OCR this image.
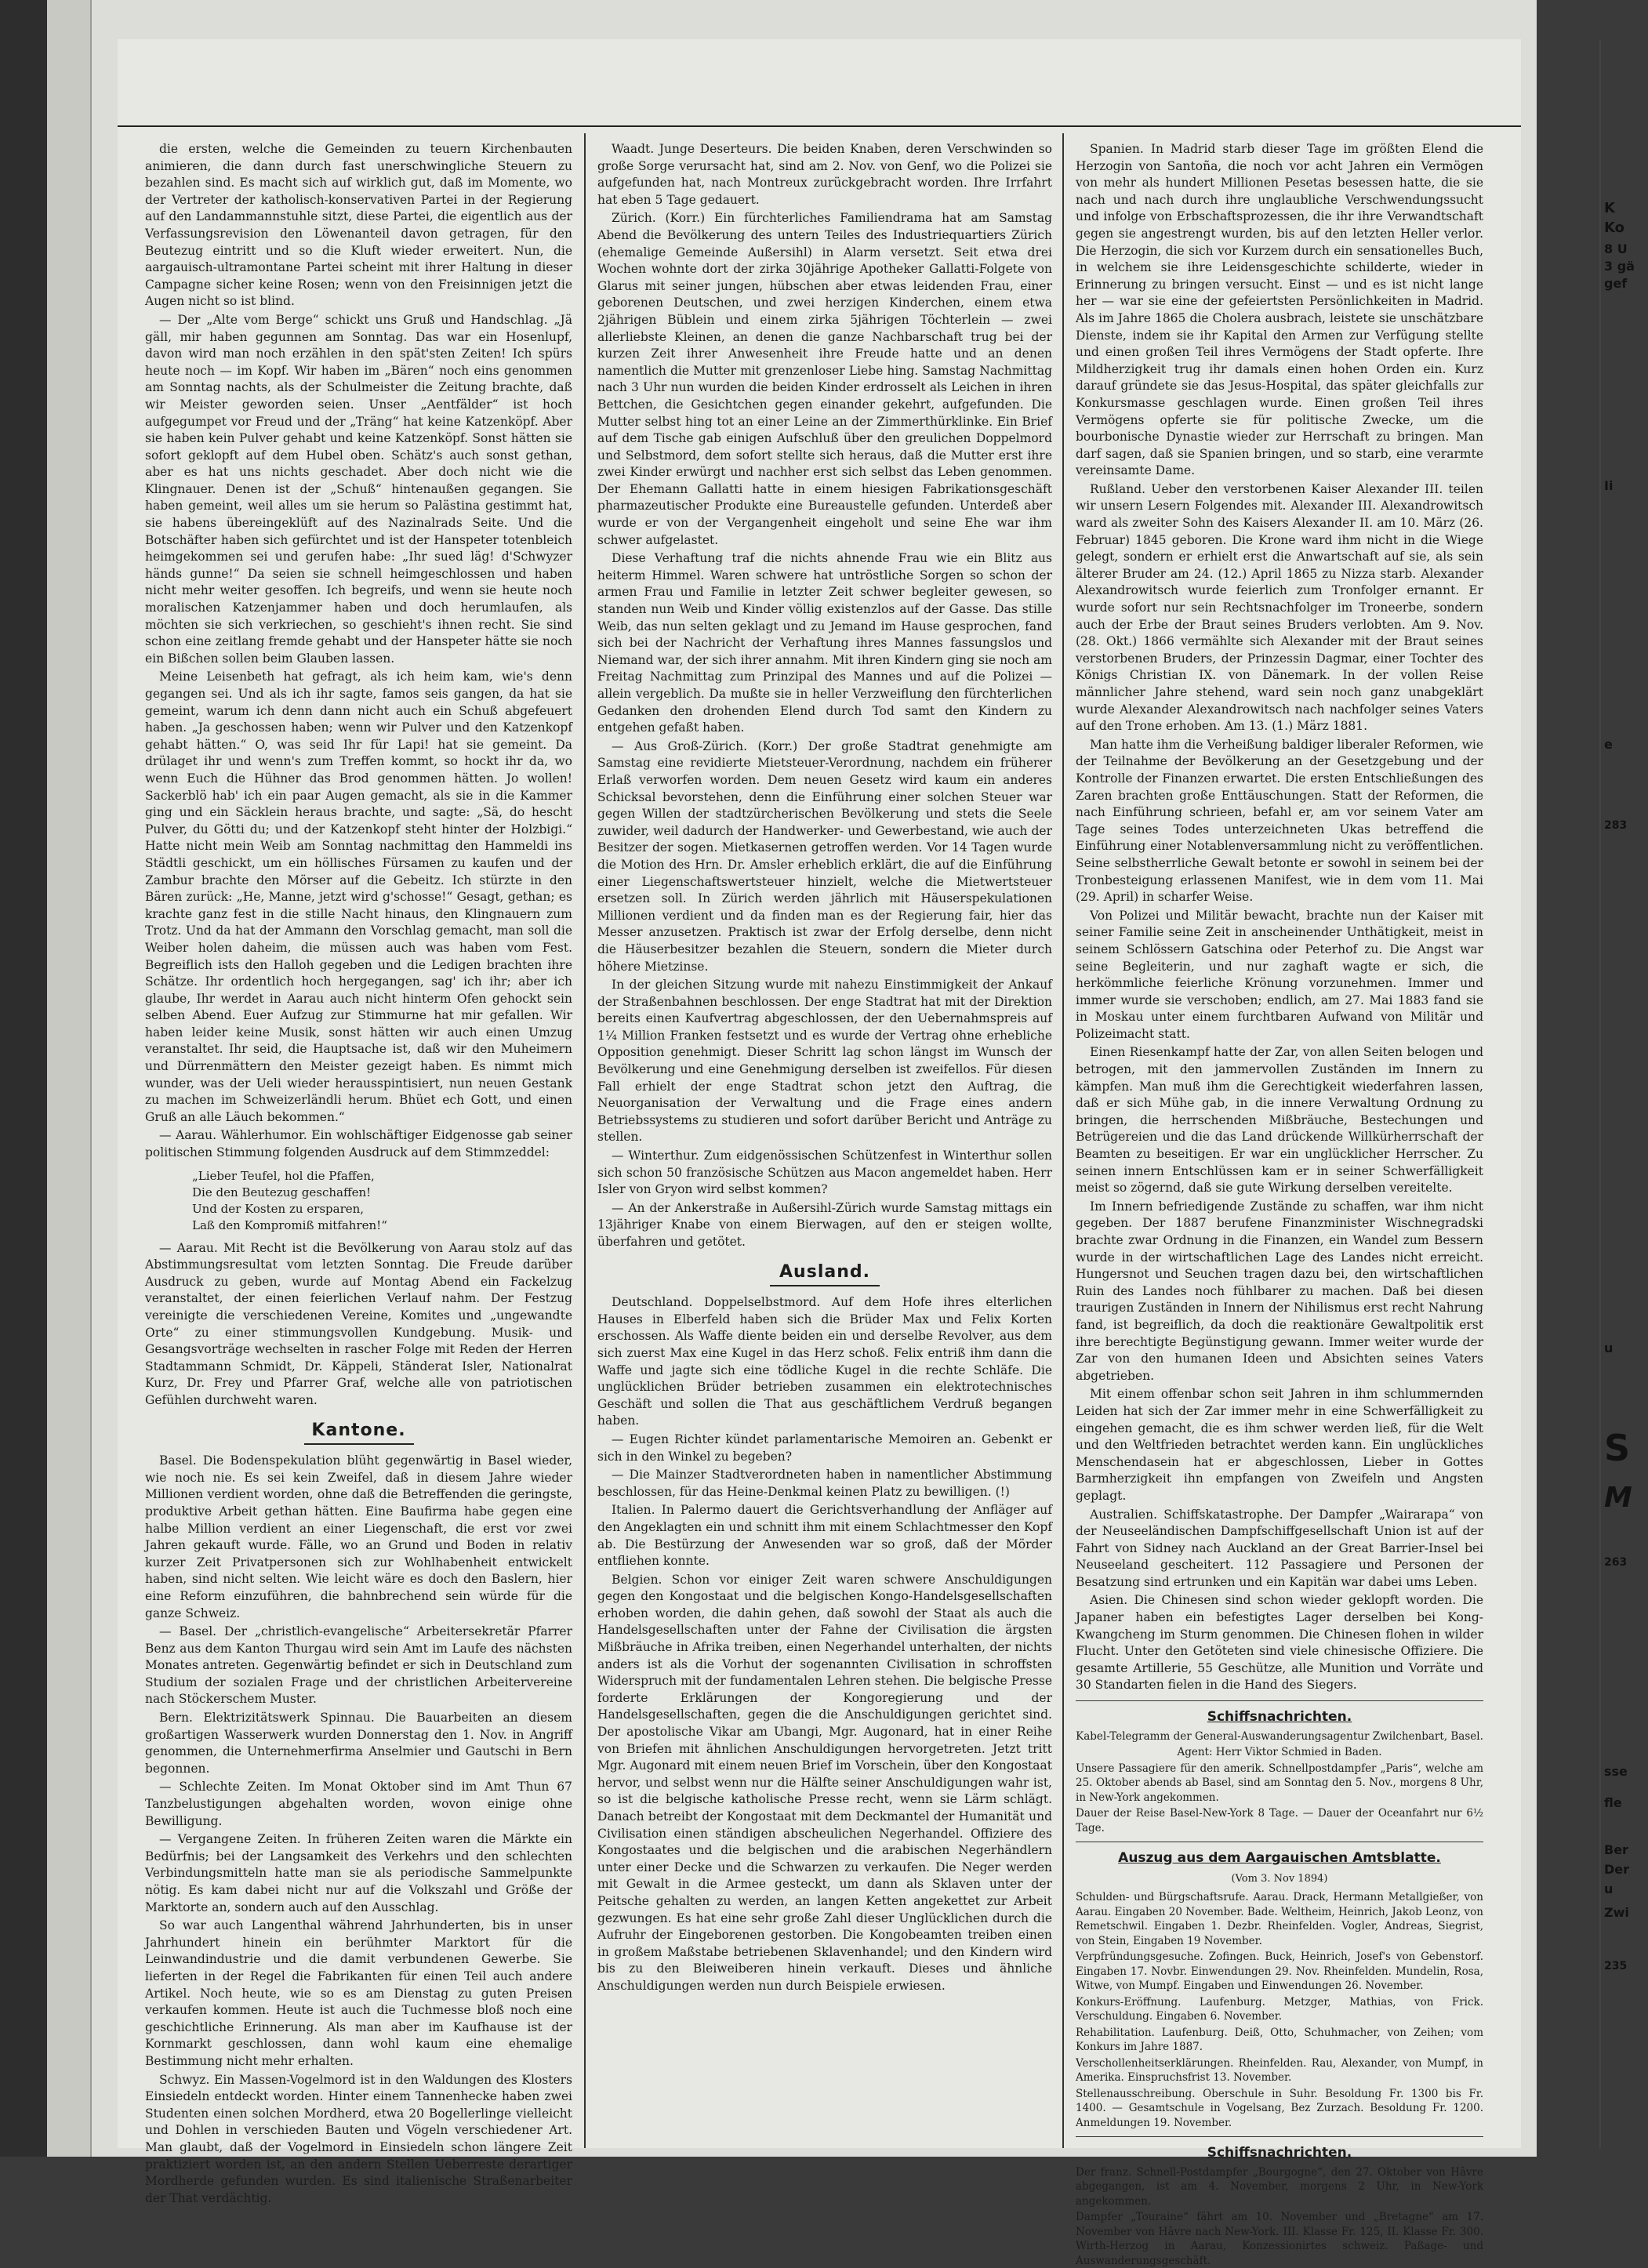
die ersten, welche die Gemeinden zu teuern Kirchenbauten animieren, die dann durch fast unerschwingliche Steuern zu bezahlen sind. Es macht sich auf wirklich gut, daß im Momente, wo der Vertreter der katholisch-konservativen Partei in der Regierung auf den Landammannstuhle sitzt, diese Partei, die eigentlich aus der Verfassungsrevision den Löwenanteil davon getragen, für den Beutezug eintritt und so die Kluft wieder erweitert. Nun, die aargauisch-ultramontane Partei scheint mit ihrer Haltung in dieser Campagne sicher keine Rosen; wenn von den Freisinnigen jetzt die Augen nicht so ist blind.

— Der „Alte vom Berge“ schickt uns Gruß und Handschlag. „Jä gäll, mir haben gegunnen am Sonntag. Das war ein Hosenlupf, davon wird man noch erzählen in den spät'sten Zeiten! Ich spürs heute noch — im Kopf. Wir haben im „Bären“ noch eins genommen am Sonntag nachts, als der Schulmeister die Zeitung brachte, daß wir Meister geworden seien. Unser „Aentfälder“ ist hoch aufgegumpet vor Freud und der „Träng“ hat keine Katzenköpf. Aber sie haben kein Pulver gehabt und keine Katzenköpf. Sonst hätten sie sofort geklopft auf dem Hubel oben. Schätz's auch sonst gethan, aber es hat uns nichts geschadet. Aber doch nicht wie die Klingnauer. Denen ist der „Schuß“ hintenaußen gegangen. Sie haben gemeint, weil alles um sie herum so Palästina gestimmt hat, sie habens übereingeklüft auf des Nazinalrads Seite. Und die Botschäfter haben sich gefürchtet und ist der Hanspeter totenbleich heimgekommen sei und gerufen habe: „Ihr sued läg! d'Schwyzer händs gunne!“ Da seien sie schnell heimgeschlossen und haben nicht mehr weiter gesoffen. Ich begreifs, und wenn sie heute noch moralischen Katzenjammer haben und doch herumlaufen, als möchten sie sich verkriechen, so geschieht's ihnen recht. Sie sind schon eine zeitlang fremde gehabt und der Hanspeter hätte sie noch ein Bißchen sollen beim Glauben lassen.

Meine Leisenbeth hat gefragt, als ich heim kam, wie's denn gegangen sei. Und als ich ihr sagte, famos seis gangen, da hat sie gemeint, warum ich denn dann nicht auch ein Schuß abgefeuert haben. „Ja geschossen haben; wenn wir Pulver und den Katzenkopf gehabt hätten.“ O, was seid Ihr für Lapi! hat sie gemeint. Da drülaget ihr und wenn's zum Treffen kommt, so hockt ihr da, wo wenn Euch die Hühner das Brod genommen hätten. Jo wollen! Sackerblö hab' ich ein paar Augen gemacht, als sie in die Kammer ging und ein Säcklein heraus brachte, und sagte: „Sä, do hescht Pulver, du Götti du; und der Katzenkopf steht hinter der Holzbigi.“ Hatte nicht mein Weib am Sonntag nachmittag den Hammeldi ins Städtli geschickt, um ein höllisches Fürsamen zu kaufen und der Zambur brachte den Mörser auf die Gebeitz. Ich stürzte in den Bären zurück: „He, Manne, jetzt wird g'schosse!“ Gesagt, gethan; es krachte ganz fest in die stille Nacht hinaus, den Klingnauern zum Trotz. Und da hat der Ammann den Vorschlag gemacht, man soll die Weiber holen daheim, die müssen auch was haben vom Fest. Begreiflich ists den Halloh gegeben und die Ledigen brachten ihre Schätze. Ihr ordentlich hoch hergegangen, sag' ich ihr; aber ich glaube, Ihr werdet in Aarau auch nicht hinterm Ofen gehockt sein selben Abend. Euer Aufzug zur Stimmurne hat mir gefallen. Wir haben leider keine Musik, sonst hätten wir auch einen Umzug veranstaltet. Ihr seid, die Hauptsache ist, daß wir den Muheimern und Dürrenmättern den Meister gezeigt haben. Es nimmt mich wunder, was der Ueli wieder herausspintisiert, nun neuen Gestank zu machen im Schweizerländli herum. Bhüet ech Gott, und einen Gruß an alle Läuch bekommen.“

— Aarau. Wählerhumor. Ein wohlschäftiger Eidgenosse gab seiner politischen Stimmung folgenden Ausdruck auf dem Stimmzeddel:

„Lieber Teufel, hol die Pfaffen,
Die den Beutezug geschaffen!
Und der Kosten zu ersparen,
Laß den Kompromiß mitfahren!“

— Aarau. Mit Recht ist die Bevölkerung von Aarau stolz auf das Abstimmungsresultat vom letzten Sonntag. Die Freude darüber Ausdruck zu geben, wurde auf Montag Abend ein Fackelzug veranstaltet, der einen feierlichen Verlauf nahm. Der Festzug vereinigte die verschiedenen Vereine, Komites und „ungewandte Orte“ zu einer stimmungsvollen Kundgebung. Musik- und Gesangsvorträge wechselten in rascher Folge mit Reden der Herren Stadtammann Schmidt, Dr. Käppeli, Ständerat Isler, Nationalrat Kurz, Dr. Frey und Pfarrer Graf, welche alle von patriotischen Gefühlen durchweht waren.

Kantone.

Basel. Die Bodenspekulation blüht gegenwärtig in Basel wieder, wie noch nie. Es sei kein Zweifel, daß in diesem Jahre wieder Millionen verdient worden, ohne daß die Betreffenden die geringste, produktive Arbeit gethan hätten. Eine Baufirma habe gegen eine halbe Million verdient an einer Liegenschaft, die erst vor zwei Jahren gekauft wurde. Fälle, wo an Grund und Boden in relativ kurzer Zeit Privatpersonen sich zur Wohlhabenheit entwickelt haben, sind nicht selten. Wie leicht wäre es doch den Baslern, hier eine Reform einzuführen, die bahnbrechend sein würde für die ganze Schweiz.

— Basel. Der „christlich-evangelische“ Arbeitersekretär Pfarrer Benz aus dem Kanton Thurgau wird sein Amt im Laufe des nächsten Monates antreten. Gegenwärtig befindet er sich in Deutschland zum Studium der sozialen Frage und der christlichen Arbeitervereine nach Stöckerschem Muster.

Bern. Elektrizitätswerk Spinnau. Die Bauarbeiten an diesem großartigen Wasserwerk wurden Donnerstag den 1. Nov. in Angriff genommen, die Unternehmerfirma Anselmier und Gautschi in Bern begonnen.

— Schlechte Zeiten. Im Monat Oktober sind im Amt Thun 67 Tanzbelustigungen abgehalten worden, wovon einige ohne Bewilligung.

— Vergangene Zeiten. In früheren Zeiten waren die Märkte ein Bedürfnis; bei der Langsamkeit des Verkehrs und den schlechten Verbindungsmitteln hatte man sie als periodische Sammelpunkte nötig. Es kam dabei nicht nur auf die Volkszahl und Größe der Marktorte an, sondern auch auf den Ausschlag.

So war auch Langenthal während Jahrhunderten, bis in unser Jahrhundert hinein ein berühmter Marktort für die Leinwandindustrie und die damit verbundenen Gewerbe. Sie lieferten in der Regel die Fabrikanten für einen Teil auch andere Artikel. Noch heute, wie so es am Dienstag zu guten Preisen verkaufen kommen. Heute ist auch die Tuchmesse bloß noch eine geschichtliche Erinnerung. Als man aber im Kaufhause ist der Kornmarkt geschlossen, dann wohl kaum eine ehemalige Bestimmung nicht mehr erhalten.

Schwyz. Ein Massen-Vogelmord ist in den Waldungen des Klosters Einsiedeln entdeckt worden. Hinter einem Tannenhecke haben zwei Studenten einen solchen Mordherd, etwa 20 Bogellerlinge vielleicht und Dohlen in verschieden Bauten und Vögeln verschiedener Art. Man glaubt, daß der Vogelmord in Einsiedeln schon längere Zeit praktiziert worden ist, an den andern Stellen Ueberreste derartiger Mordherde gefunden wurden. Es sind italienische Straßenarbeiter der That verdächtig.

Waadt. Junge Deserteurs. Die beiden Knaben, deren Verschwinden so große Sorge verursacht hat, sind am 2. Nov. von Genf, wo die Polizei sie aufgefunden hat, nach Montreux zurückgebracht worden. Ihre Irrfahrt hat eben 5 Tage gedauert.

Zürich. (Korr.) Ein fürchterliches Familiendrama hat am Samstag Abend die Bevölkerung des untern Teiles des Industriequartiers Zürich (ehemalige Gemeinde Außersihl) in Alarm versetzt. Seit etwa drei Wochen wohnte dort der zirka 30jährige Apotheker Gallatti-Folgete von Glarus mit seiner jungen, hübschen aber etwas leidenden Frau, einer geborenen Deutschen, und zwei herzigen Kinderchen, einem etwa 2jährigen Büblein und einem zirka 5jährigen Töchterlein — zwei allerliebste Kleinen, an denen die ganze Nachbarschaft trug bei der kurzen Zeit ihrer Anwesenheit ihre Freude hatte und an denen namentlich die Mutter mit grenzenloser Liebe hing. Samstag Nachmittag nach 3 Uhr nun wurden die beiden Kinder erdrosselt als Leichen in ihren Bettchen, die Gesichtchen gegen einander gekehrt, aufgefunden. Die Mutter selbst hing tot an einer Leine an der Zimmerthürklinke. Ein Brief auf dem Tische gab einigen Aufschluß über den greulichen Doppelmord und Selbstmord, dem sofort stellte sich heraus, daß die Mutter erst ihre zwei Kinder erwürgt und nachher erst sich selbst das Leben genommen. Der Ehemann Gallatti hatte in einem hiesigen Fabrikationsgeschäft pharmazeutischer Produkte eine Bureaustelle gefunden. Unterdeß aber wurde er von der Vergangenheit eingeholt und seine Ehe war ihm schwer aufgelastet.

Diese Verhaftung traf die nichts ahnende Frau wie ein Blitz aus heiterm Himmel. Waren schwere hat untröstliche Sorgen so schon der armen Frau und Familie in letzter Zeit schwer begleiter gewesen, so standen nun Weib und Kinder völlig existenzlos auf der Gasse. Das stille Weib, das nun selten geklagt und zu Jemand im Hause gesprochen, fand sich bei der Nachricht der Verhaftung ihres Mannes fassungslos und Niemand war, der sich ihrer annahm. Mit ihren Kindern ging sie noch am Freitag Nachmittag zum Prinzipal des Mannes und auf die Polizei — allein vergeblich. Da mußte sie in heller Verzweiflung den fürchterlichen Gedanken den drohenden Elend durch Tod samt den Kindern zu entgehen gefaßt haben.

— Aus Groß-Zürich. (Korr.) Der große Stadtrat genehmigte am Samstag eine revidierte Mietsteuer-Verordnung, nachdem ein früherer Erlaß verworfen worden. Dem neuen Gesetz wird kaum ein anderes Schicksal bevorstehen, denn die Einführung einer solchen Steuer war gegen Willen der stadtzürcherischen Bevölkerung und stets die Seele zuwider, weil dadurch der Handwerker- und Gewerbestand, wie auch der Besitzer der sogen. Mietkasernen getroffen werden. Vor 14 Tagen wurde die Motion des Hrn. Dr. Amsler erheblich erklärt, die auf die Einführung einer Liegenschaftswertsteuer hinzielt, welche die Mietwertsteuer ersetzen soll. In Zürich werden jährlich mit Häuserspekulationen Millionen verdient und da finden man es der Regierung fair, hier das Messer anzusetzen. Praktisch ist zwar der Erfolg derselbe, denn nicht die Häuserbesitzer bezahlen die Steuern, sondern die Mieter durch höhere Mietzinse.

In der gleichen Sitzung wurde mit nahezu Einstimmigkeit der Ankauf der Straßenbahnen beschlossen. Der enge Stadtrat hat mit der Direktion bereits einen Kaufvertrag abgeschlossen, der den Uebernahmspreis auf 1¼ Million Franken festsetzt und es wurde der Vertrag ohne erhebliche Opposition genehmigt. Dieser Schritt lag schon längst im Wunsch der Bevölkerung und eine Genehmigung derselben ist zweifellos. Für diesen Fall erhielt der enge Stadtrat schon jetzt den Auftrag, die Neuorganisation der Verwaltung und die Frage eines andern Betriebssystems zu studieren und sofort darüber Bericht und Anträge zu stellen.

— Winterthur. Zum eidgenössischen Schützenfest in Winterthur sollen sich schon 50 französische Schützen aus Macon angemeldet haben. Herr Isler von Gryon wird selbst kommen?

— An der Ankerstraße in Außersihl-Zürich wurde Samstag mittags ein 13jähriger Knabe von einem Bierwagen, auf den er steigen wollte, überfahren und getötet.

Ausland.

Deutschland. Doppelselbstmord. Auf dem Hofe ihres elterlichen Hauses in Elberfeld haben sich die Brüder Max und Felix Korten erschossen. Als Waffe diente beiden ein und derselbe Revolver, aus dem sich zuerst Max eine Kugel in das Herz schoß. Felix entriß ihm dann die Waffe und jagte sich eine tödliche Kugel in die rechte Schläfe. Die unglücklichen Brüder betrieben zusammen ein elektrotechnisches Geschäft und sollen die That aus geschäftlichem Verdruß begangen haben.

— Eugen Richter kündet parlamentarische Memoiren an. Gebenkt er sich in den Winkel zu begeben?

— Die Mainzer Stadtverordneten haben in namentlicher Abstimmung beschlossen, für das Heine-Denkmal keinen Platz zu bewilligen. (!)

Italien. In Palermo dauert die Gerichtsverhandlung der Anfläger auf den Angeklagten ein und schnitt ihm mit einem Schlachtmesser den Kopf ab. Die Bestürzung der Anwesenden war so groß, daß der Mörder entfliehen konnte.

Belgien. Schon vor einiger Zeit waren schwere Anschuldigungen gegen den Kongostaat und die belgischen Kongo-Handelsgesellschaften erhoben worden, die dahin gehen, daß sowohl der Staat als auch die Handelsgesellschaften unter der Fahne der Civilisation die ärgsten Mißbräuche in Afrika treiben, einen Negerhandel unterhalten, der nichts anders ist als die Vorhut der sogenannten Civilisation in schroffsten Widerspruch mit der fundamentalen Lehren stehen. Die belgische Presse forderte Erklärungen der Kongoregierung und der Handelsgesellschaften, gegen die die Anschuldigungen gerichtet sind. Der apostolische Vikar am Ubangi, Mgr. Augonard, hat in einer Reihe von Briefen mit ähnlichen Anschuldigungen hervorgetreten. Jetzt tritt Mgr. Augonard mit einem neuen Brief im Vorschein, über den Kongostaat hervor, und selbst wenn nur die Hälfte seiner Anschuldigungen wahr ist, so ist die belgische katholische Presse recht, wenn sie Lärm schlägt. Danach betreibt der Kongostaat mit dem Deckmantel der Humanität und Civilisation einen ständigen abscheulichen Negerhandel. Offiziere des Kongostaates und die belgischen und die arabischen Negerhändlern unter einer Decke und die Schwarzen zu verkaufen. Die Neger werden mit Gewalt in die Armee gesteckt, um dann als Sklaven unter der Peitsche gehalten zu werden, an langen Ketten angekettet zur Arbeit gezwungen. Es hat eine sehr große Zahl dieser Unglücklichen durch die Aufruhr der Eingeborenen gestorben. Die Kongobeamten treiben einen in großem Maßstabe betriebenen Sklavenhandel; und den Kindern wird bis zu den Bleiweiberen hinein verkauft. Dieses und ähnliche Anschuldigungen werden nun durch Beispiele erwiesen.

Spanien. In Madrid starb dieser Tage im größten Elend die Herzogin von Santoña, die noch vor acht Jahren ein Vermögen von mehr als hundert Millionen Pesetas besessen hatte, die sie nach und nach durch ihre unglaubliche Verschwendungssucht und infolge von Erbschaftsprozessen, die ihr ihre Verwandtschaft gegen sie angestrengt wurden, bis auf den letzten Heller verlor. Die Herzogin, die sich vor Kurzem durch ein sensationelles Buch, in welchem sie ihre Leidensgeschichte schilderte, wieder in Erinnerung zu bringen versucht. Einst — und es ist nicht lange her — war sie eine der gefeiertsten Persönlichkeiten in Madrid. Als im Jahre 1865 die Cholera ausbrach, leistete sie unschätzbare Dienste, indem sie ihr Kapital den Armen zur Verfügung stellte und einen großen Teil ihres Vermögens der Stadt opferte. Ihre Mildherzigkeit trug ihr damals einen hohen Orden ein. Kurz darauf gründete sie das Jesus-Hospital, das später gleichfalls zur Konkursmasse geschlagen wurde. Einen großen Teil ihres Vermögens opferte sie für politische Zwecke, um die bourbonische Dynastie wieder zur Herrschaft zu bringen. Man darf sagen, daß sie Spanien bringen, und so starb, eine verarmte vereinsamte Dame.

Rußland. Ueber den verstorbenen Kaiser Alexander III. teilen wir unsern Lesern Folgendes mit. Alexander III. Alexandrowitsch ward als zweiter Sohn des Kaisers Alexander II. am 10. März (26. Februar) 1845 geboren. Die Krone ward ihm nicht in die Wiege gelegt, sondern er erhielt erst die Anwartschaft auf sie, als sein älterer Bruder am 24. (12.) April 1865 zu Nizza starb. Alexander Alexandrowitsch wurde feierlich zum Tronfolger ernannt. Er wurde sofort nur sein Rechtsnachfolger im Troneerbe, sondern auch der Erbe der Braut seines Bruders verlobten. Am 9. Nov. (28. Okt.) 1866 vermählte sich Alexander mit der Braut seines verstorbenen Bruders, der Prinzessin Dagmar, einer Tochter des Königs Christian IX. von Dänemark. In der vollen Reise männlicher Jahre stehend, ward sein noch ganz unabgeklärt wurde Alexander Alexandrowitsch nach nachfolger seines Vaters auf den Trone erhoben. Am 13. (1.) März 1881.

Man hatte ihm die Verheißung baldiger liberaler Reformen, wie der Teilnahme der Bevölkerung an der Gesetzgebung und der Kontrolle der Finanzen erwartet. Die ersten Entschließungen des Zaren brachten große Enttäuschungen. Statt der Reformen, die nach Einführung schrieen, befahl er, am vor seinem Vater am Tage seines Todes unterzeichneten Ukas betreffend die Einführung einer Notablenversammlung nicht zu veröffentlichen. Seine selbstherrliche Gewalt betonte er sowohl in seinem bei der Tronbesteigung erlassenen Manifest, wie in dem vom 11. Mai (29. April) in scharfer Weise.

Von Polizei und Militär bewacht, brachte nun der Kaiser mit seiner Familie seine Zeit in anscheinender Unthätigkeit, meist in seinem Schlössern Gatschina oder Peterhof zu. Die Angst war seine Begleiterin, und nur zaghaft wagte er sich, die herkömmliche feierliche Krönung vorzunehmen. Immer und immer wurde sie verschoben; endlich, am 27. Mai 1883 fand sie in Moskau unter einem furchtbaren Aufwand von Militär und Polizeimacht statt.

Einen Riesenkampf hatte der Zar, von allen Seiten belogen und betrogen, mit den jammervollen Zuständen im Innern zu kämpfen. Man muß ihm die Gerechtigkeit wiederfahren lassen, daß er sich Mühe gab, in die innere Verwaltung Ordnung zu bringen, die herrschenden Mißbräuche, Bestechungen und Betrügereien und die das Land drückende Willkürherrschaft der Beamten zu beseitigen. Er war ein unglücklicher Herrscher. Zu seinen innern Entschlüssen kam er in seiner Schwerfälligkeit meist so zögernd, daß sie gute Wirkung derselben vereitelte.

Im Innern befriedigende Zustände zu schaffen, war ihm nicht gegeben. Der 1887 berufene Finanzminister Wischnegradski brachte zwar Ordnung in die Finanzen, ein Wandel zum Bessern wurde in der wirtschaftlichen Lage des Landes nicht erreicht. Hungersnot und Seuchen tragen dazu bei, den wirtschaftlichen Ruin des Landes noch fühlbarer zu machen. Daß bei diesen traurigen Zuständen in Innern der Nihilismus erst recht Nahrung fand, ist begreiflich, da doch die reaktionäre Gewaltpolitik erst ihre berechtigte Begünstigung gewann. Immer weiter wurde der Zar von den humanen Ideen und Absichten seines Vaters abgetrieben.

Mit einem offenbar schon seit Jahren in ihm schlummernden Leiden hat sich der Zar immer mehr in eine Schwerfälligkeit zu eingehen gemacht, die es ihm schwer werden ließ, für die Welt und den Weltfrieden betrachtet werden kann. Ein unglückliches Menschendasein hat er abgeschlossen, Lieber in Gottes Barmherzigkeit ihn empfangen von Zweifeln und Angsten geplagt.

Australien. Schiffskatastrophe. Der Dampfer „Wairarapa“ von der Neuseeländischen Dampfschiffgesellschaft Union ist auf der Fahrt von Sidney nach Auckland an der Great Barrier-Insel bei Neuseeland gescheitert. 112 Passagiere und Personen der Besatzung sind ertrunken und ein Kapitän war dabei ums Leben.

Asien. Die Chinesen sind schon wieder geklopft worden. Die Japaner haben ein befestigtes Lager derselben bei Kong-Kwangcheng im Sturm genommen. Die Chinesen flohen in wilder Flucht. Unter den Getöteten sind viele chinesische Offiziere. Die gesamte Artillerie, 55 Geschütze, alle Munition und Vorräte und 30 Standarten fielen in die Hand des Siegers.

Schiffsnachrichten.

Kabel-Telegramm der General-Auswanderungsagentur Zwilchenbart, Basel.

Agent: Herr Viktor Schmied in Baden.

Unsere Passagiere für den amerik. Schnellpostdampfer „Paris“, welche am 25. Oktober abends ab Basel, sind am Sonntag den 5. Nov., morgens 8 Uhr, in New-York angekommen.

Dauer der Reise Basel-New-York 8 Tage. — Dauer der Oceanfahrt nur 6½ Tage.

Auszug aus dem Aargauischen Amtsblatte.
(Vom 3. Nov 1894)

Schulden- und Bürgschaftsrufe. Aarau. Drack, Hermann Metallgießer, von Aarau. Eingaben 20 November. Bade. Weltheim, Heinrich, Jakob Leonz, von Remetschwil. Eingaben 1. Dezbr. Rheinfelden. Vogler, Andreas, Siegrist, von Stein, Eingaben 19 November.

Verpfründungsgesuche. Zofingen. Buck, Heinrich, Josef's von Gebenstorf. Eingaben 17. Novbr. Einwendungen 29. Nov. Rheinfelden. Mundelin, Rosa, Witwe, von Mumpf. Eingaben und Einwendungen 26. November.

Konkurs-Eröffnung. Laufenburg. Metzger, Mathias, von Frick. Verschuldung. Eingaben 6. November.

Rehabilitation. Laufenburg. Deiß, Otto, Schuhmacher, von Zeihen; vom Konkurs im Jahre 1887.

Verschollenheitserklärungen. Rheinfelden. Rau, Alexander, von Mumpf, in Amerika. Einspruchsfrist 13. November.

Stellenausschreibung. Oberschule in Suhr. Besoldung Fr. 1300 bis Fr. 1400. — Gesamtschule in Vogelsang, Bez Zurzach. Besoldung Fr. 1200. Anmeldungen 19. November.

Schiffsnachrichten.

Der franz. Schnell-Postdampfer „Bourgogne“, den 27. Oktober von Hâvre abgegangen, ist am 4. November, morgens 2 Uhr, in New-York angekommen.

Dampfer „Touraine“ fährt am 10. November und „Bretagne“ am 17. November von Hâvre nach New-York. III. Klasse Fr. 125, II. Klasse Fr. 300. Wirth-Herzog in Aarau, Konzessionirtes schweiz. Paßage- und Auswanderungsgeschäft.

K
Ko
8 U
3 gä
gef
Ii
e
283
u
S
M
263
sse
fle
Ber
Der
u
Zwi
235
